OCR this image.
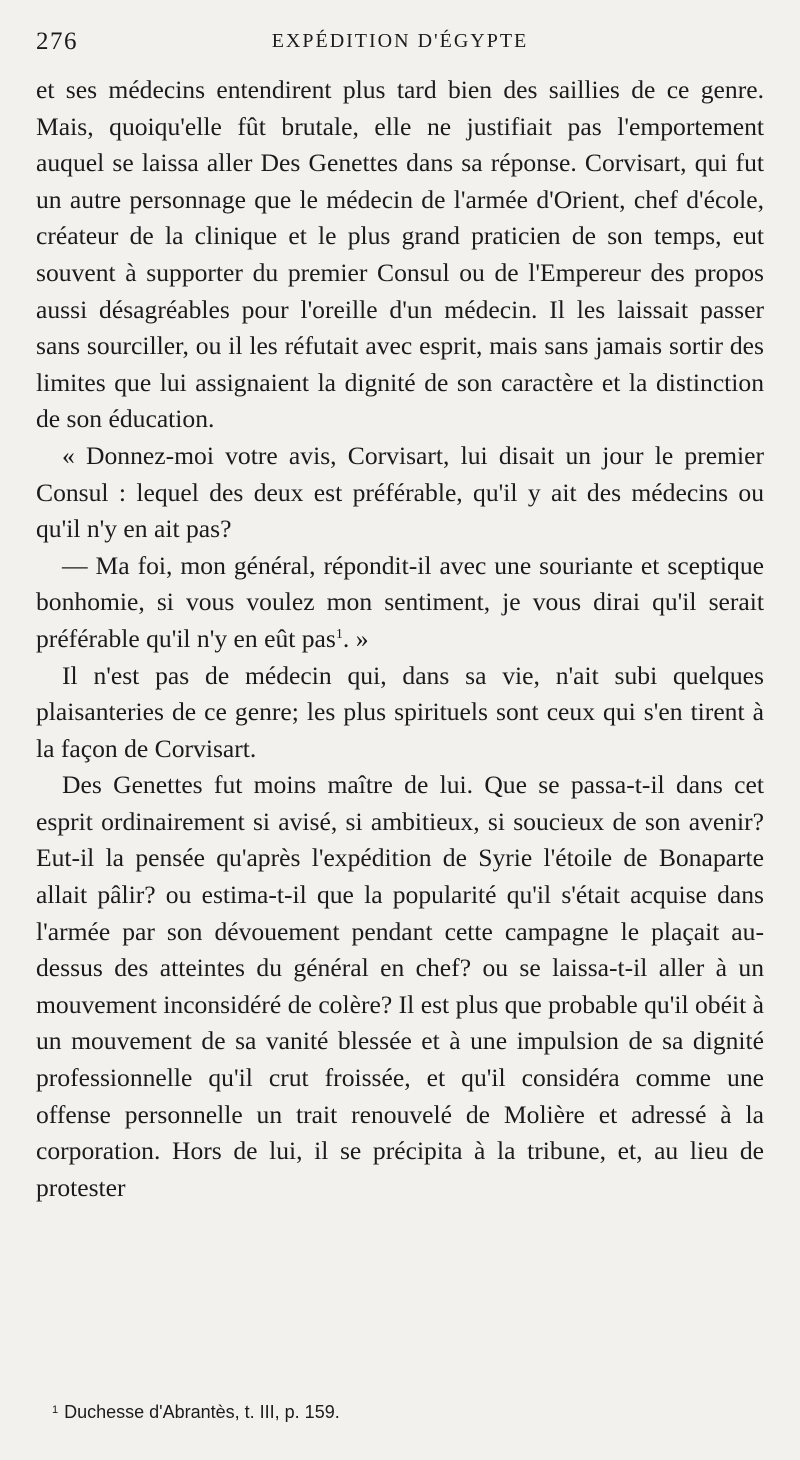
276	EXPÉDITION D'ÉGYPTE

et ses médecins entendirent plus tard bien des saillies de ce genre. Mais, quoiqu'elle fût brutale, elle ne justifiait pas l'emportement auquel se laissa aller Des Genettes dans sa réponse. Corvisart, qui fut un autre personnage que le médecin de l'armée d'Orient, chef d'école, créateur de la clinique et le plus grand praticien de son temps, eut souvent à supporter du premier Consul ou de l'Empereur des propos aussi désagréables pour l'oreille d'un médecin. Il les laissait passer sans sourciller, ou il les réfutait avec esprit, mais sans jamais sortir des limites que lui assignaient la dignité de son caractère et la distinction de son éducation.

« Donnez-moi votre avis, Corvisart, lui disait un jour le premier Consul : lequel des deux est préférable, qu'il y ait des médecins ou qu'il n'y en ait pas?

— Ma foi, mon général, répondit-il avec une souriante et sceptique bonhomie, si vous voulez mon sentiment, je vous dirai qu'il serait préférable qu'il n'y en eût pas$^1$. »

Il n'est pas de médecin qui, dans sa vie, n'ait subi quelques plaisanteries de ce genre; les plus spirituels sont ceux qui s'en tirent à la façon de Corvisart.

Des Genettes fut moins maître de lui. Que se passa-t-il dans cet esprit ordinairement si avisé, si ambitieux, si soucieux de son avenir? Eut-il la pensée qu'après l'expédition de Syrie l'étoile de Bonaparte allait pâlir? ou estima-t-il que la popularité qu'il s'était acquise dans l'armée par son dévouement pendant cette campagne le plaçait au-dessus des atteintes du général en chef? ou se laissa-t-il aller à un mouvement inconsidéré de colère? Il est plus que probable qu'il obéit à un mouvement de sa vanité blessée et à une impulsion de sa dignité professionnelle qu'il crut froissée, et qu'il considéra comme une offense personnelle un trait renouvelé de Molière et adressé à la corporation. Hors de lui, il se précipita à la tribune, et, au lieu de protester

$^1$ Duchesse d'Abrantès, t. III, p. 159.
